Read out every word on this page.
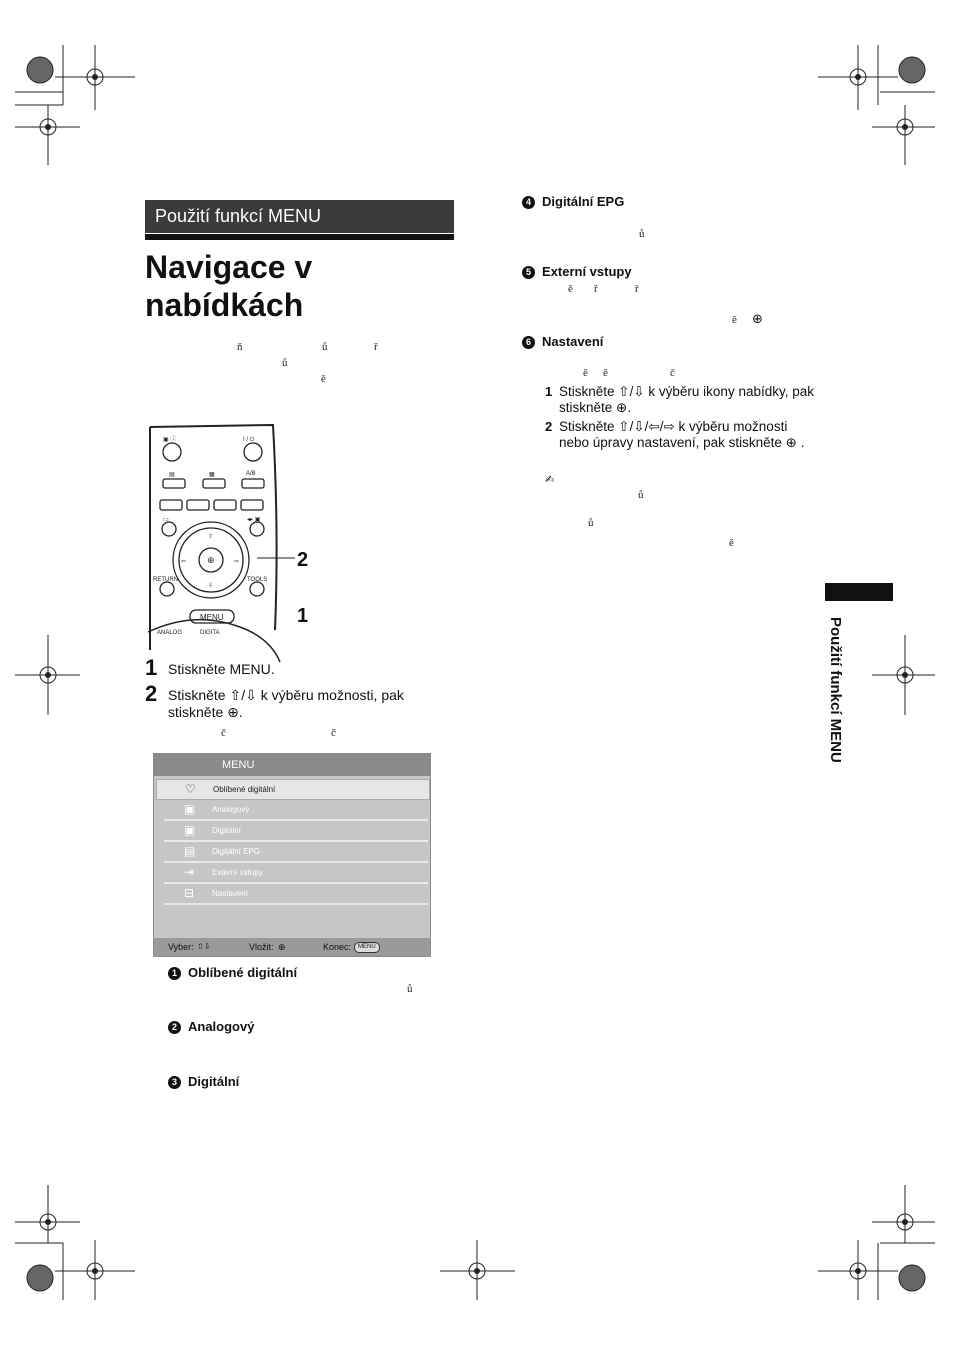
Použití funkcí MENU
Navigace v
nabídkách
ň	ů	ř
ů
ě
▣ ⓘ	I / ⏻
▤	▦	A/B
▭	◂▸ ▣
RETURN	TOOLS
MENU
ANALOG	DIGITA
⇧
⇩
⇦	⇨
⊕	2
1
1 Stiskněte MENU.
2 Stiskněte ⇧/⇩ k výběru možnosti, pak stiskněte ⊕.
č	č
MENU
♡ Oblíbené digitální
▣ Analogový
▣ Digitální
▤ Digitální EPG
⇥ Externí vstupy
⊟ Nastavení
Vyber: ⇧⇩	Vložit: ⊕	Konec:	MENU
1 Oblíbené digitální
ů
2 Analogový
3 Digitální
4 Digitální EPG
ů
5 Externí vstupy
⊕
6 Nastavení
ě ř	ř
ě
ě ě	č
ů
ů
ě
1 Stiskněte ⇧/⇩ k výběru ikony nabídky, pak stiskněte ⊕.
2 Stiskněte ⇧/⇩/⇦/⇨ k výběru možnosti nebo úpravy nastavení, pak stiskněte ⊕ .
✍
Použití funkcí MENU
